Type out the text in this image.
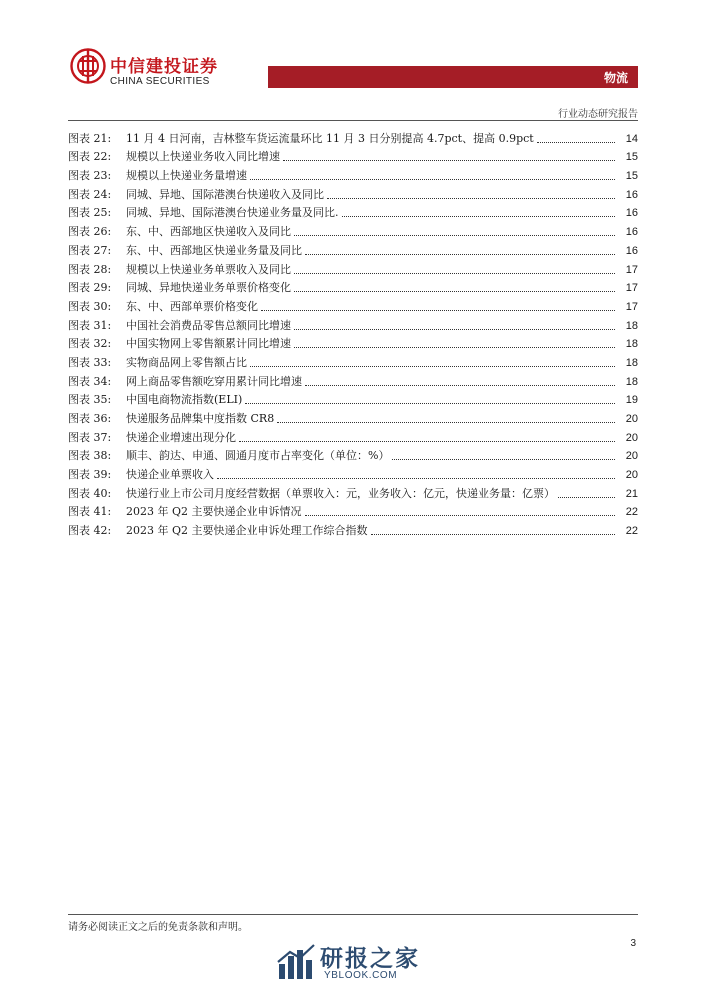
中信建投证券
CHINA SECURITIES	物流
行业动态研究报告
图表 21:	11 月 4 日河南，吉林整车货运流量环比 11 月 3 日分别提高 4.7pct、提高 0.9pct	14
图表 22:	规模以上快递业务收入同比增速	15
图表 23:	规模以上快递业务量增速	15
图表 24:	同城、异地、国际港澳台快递收入及同比	16
图表 25:	同城、异地、国际港澳台快递业务量及同比.	16
图表 26:	东、中、西部地区快递收入及同比	16
图表 27:	东、中、西部地区快递业务量及同比	16
图表 28:	规模以上快递业务单票收入及同比	17
图表 29:	同城、异地快递业务单票价格变化	17
图表 30:	东、中、西部单票价格变化	17
图表 31:	中国社会消费品零售总额同比增速	18
图表 32:	中国实物网上零售额累计同比增速	18
图表 33:	实物商品网上零售额占比	18
图表 34:	网上商品零售额吃穿用累计同比增速	18
图表 35:	中国电商物流指数(ELI)	19
图表 36:	快递服务品牌集中度指数 CR8	20
图表 37:	快递企业增速出现分化	20
图表 38:	顺丰、韵达、申通、圆通月度市占率变化（单位：%）	20
图表 39:	快递企业单票收入	20
图表 40:	快递行业上市公司月度经营数据（单票收入：元，业务收入：亿元，快递业务量：亿票）	21
图表 41:	2023 年 Q2 主要快递企业申诉情况	22
图表 42:	2023 年 Q2 主要快递企业申诉处理工作综合指数	22
请务必阅读正文之后的免责条款和声明。
3
研报之家
YBLOOK.COM
